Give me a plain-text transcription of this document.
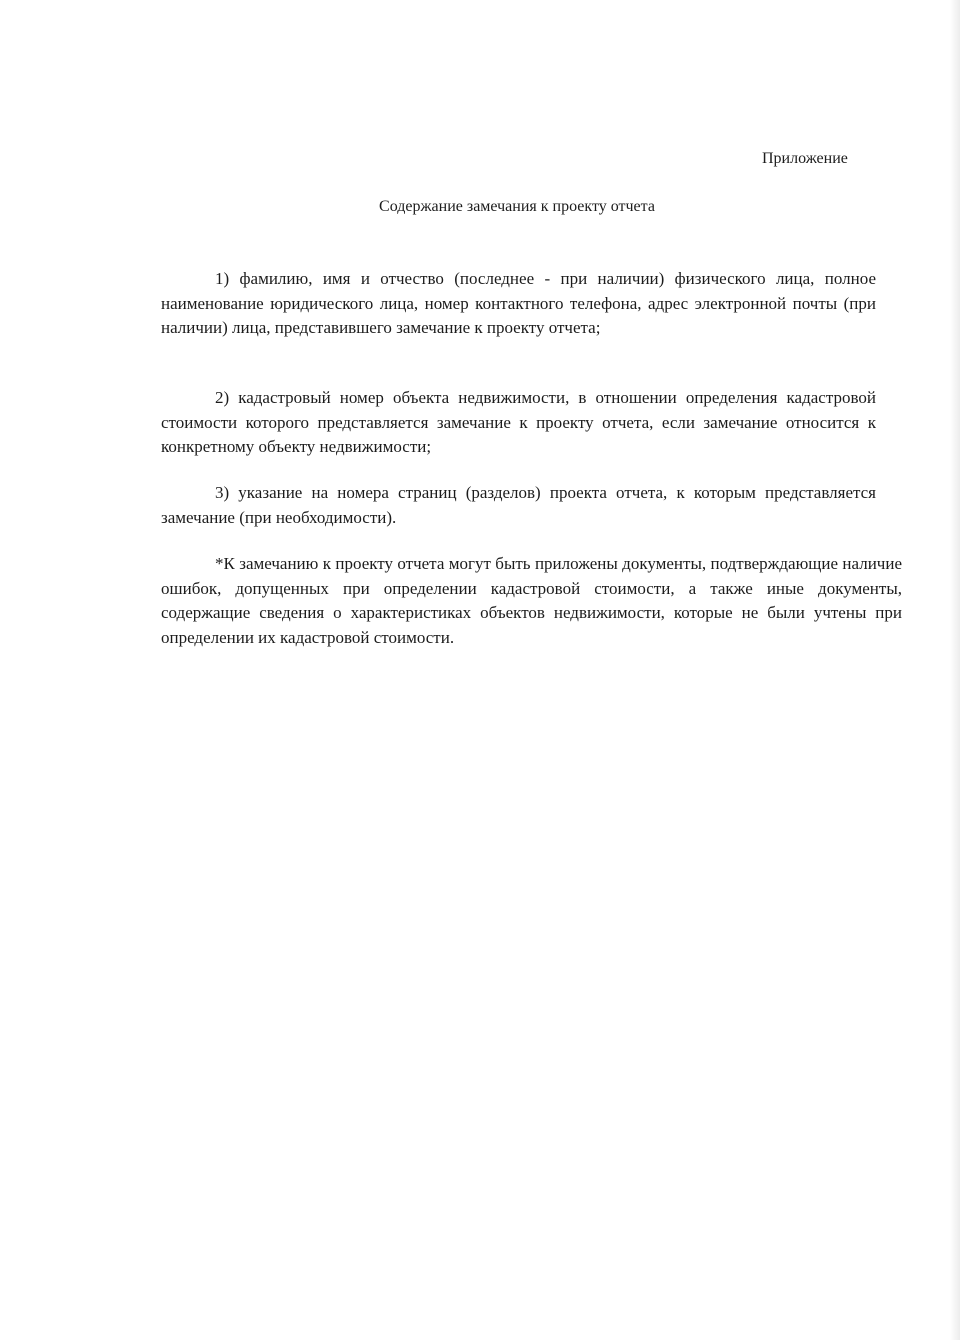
Приложение
Содержание замечания к проекту отчета

1) фамилию, имя и отчество (последнее - при наличии) физического лица, полное наименование юридического лица, номер контактного телефона, адрес электронной почты (при наличии) лица, представившего замечание к проекту отчета;

2) кадастровый номер объекта недвижимости, в отношении определения кадастровой стоимости которого представляется замечание к проекту отчета, если замечание относится к конкретному объекту недвижимости;

3) указание на номера страниц (разделов) проекта отчета, к которым представляется замечание (при необходимости).

*К замечанию к проекту отчета могут быть приложены документы, подтверждающие наличие ошибок, допущенных при определении кадастровой стоимости, а также иные документы, содержащие сведения о характеристиках объектов недвижимости, которые не были учтены при определении их кадастровой стоимости.
